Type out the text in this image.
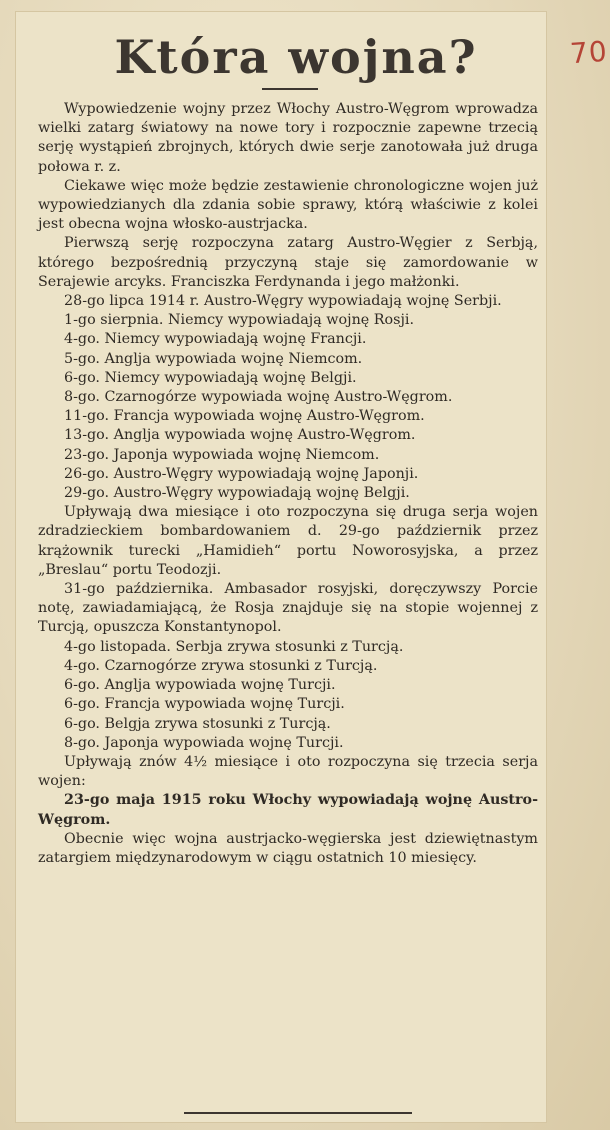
Która wojna?

Wypowiedzenie wojny przez Włochy Austro-Węgrom wprowadza wielki zatarg światowy na nowe tory i rozpocznie zapewne trzecią serję wystąpień zbrojnych, których dwie serje zanotowała już druga połowa r. z.

Ciekawe więc może będzie zestawienie chronologiczne wojen już wypowiedzianych dla zdania sobie sprawy, którą właściwie z kolei jest obecna wojna włosko-austrjacka.

Pierwszą serję rozpoczyna zatarg Austro-Węgier z Serbją, którego bezpośrednią przyczyną staje się zamordowanie w Serajewie arcyks. Franciszka Ferdynanda i jego małżonki.

28-go lipca 1914 r. Austro-Węgry wypowiadają wojnę Serbji.

1-go sierpnia. Niemcy wypowiadają wojnę Rosji.

4-go. Niemcy wypowiadają wojnę Francji.

5-go. Anglja wypowiada wojnę Niemcom.

6-go. Niemcy wypowiadają wojnę Belgji.

8-go. Czarnogórze wypowiada wojnę Austro-Węgrom.

11-go. Francja wypowiada wojnę Austro-Węgrom.

13-go. Anglja wypowiada wojnę Austro-Węgrom.

23-go. Japonja wypowiada wojnę Niemcom.

26-go. Austro-Węgry wypowiadają wojnę Japonji.

29-go. Austro-Węgry wypowiadają wojnę Belgji.

Upływają dwa miesiące i oto rozpoczyna się druga serja wojen zdradzieckiem bombardowaniem d. 29-go październik przez krążownik turecki „Hamidieh“ portu Noworosyjska, a przez „Breslau“ portu Teodozji.

31-go października. Ambasador rosyjski, doręczywszy Porcie notę, zawiadamiającą, że Rosja znajduje się na stopie wojennej z Turcją, opuszcza Konstantynopol.

4-go listopada. Serbja zrywa stosunki z Turcją.

4-go. Czarnogórze zrywa stosunki z Turcją.

6-go. Anglja wypowiada wojnę Turcji.

6-go. Francja wypowiada wojnę Turcji.

6-go. Belgja zrywa stosunki z Turcją.

8-go. Japonja wypowiada wojnę Turcji.

Upływają znów 4½ miesiące i oto rozpoczyna się trzecia serja wojen:

23-go maja 1915 roku Włochy wypowiadają wojnę Austro-Węgrom.

Obecnie więc wojna austrjacko-węgierska jest dziewiętnastym zatargiem międzynarodowym w ciągu ostatnich 10 miesięcy.

70
